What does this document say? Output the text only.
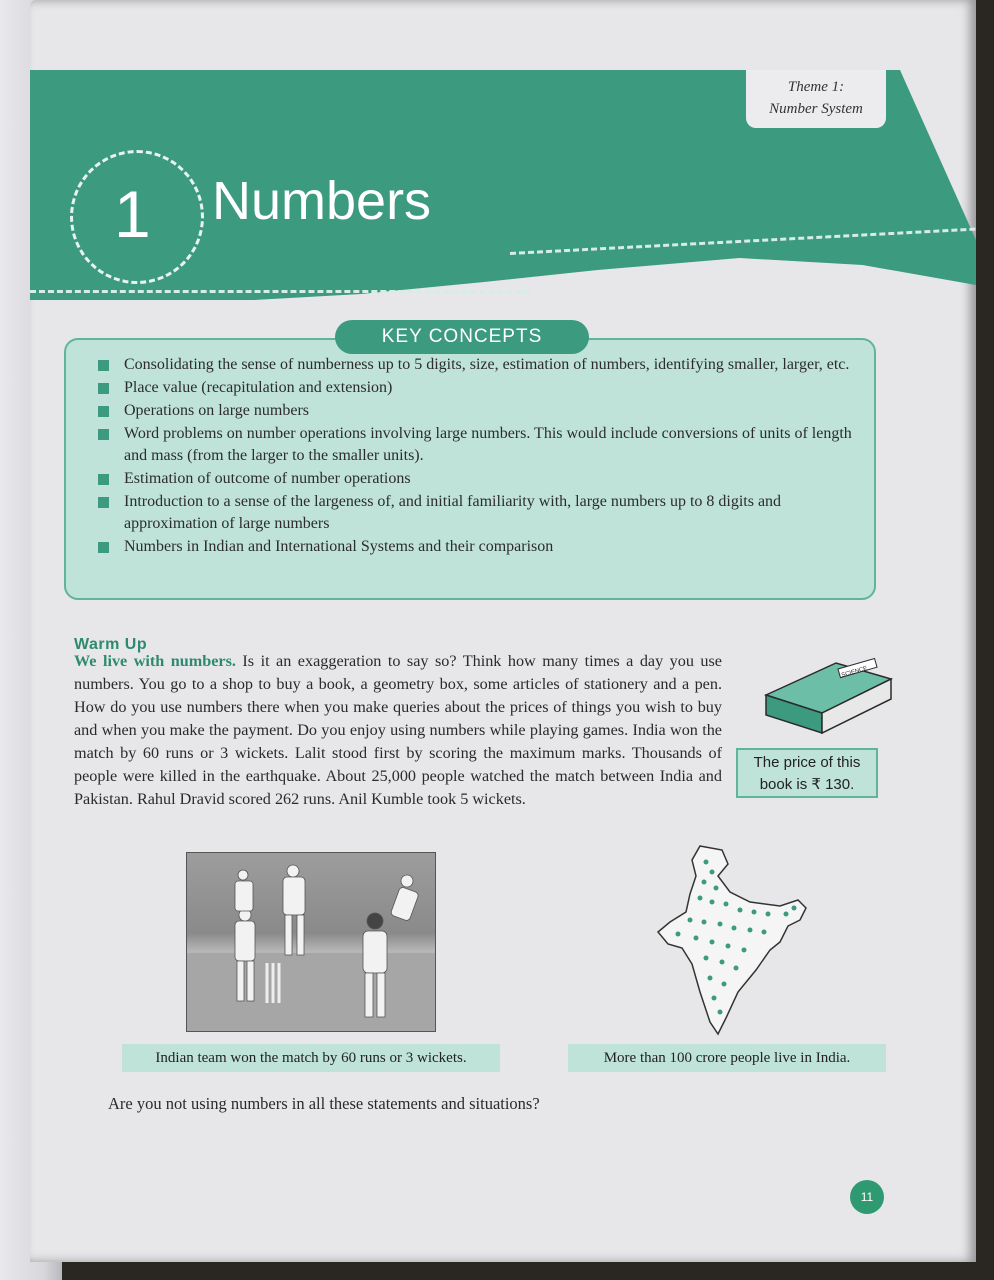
Theme 1:
Number System
1 Numbers
Consolidating the sense of numberness up to 5 digits, size, estimation of numbers, identifying smaller, larger, etc.
Place value (recapitulation and extension)
Operations on large numbers
Word problems on number operations involving large numbers. This would include conversions of units of length and mass (from the larger to the smaller units).
Estimation of outcome of number operations
Introduction to a sense of the largeness of, and initial familiarity with, large numbers up to 8 digits and approximation of large numbers
Numbers in Indian and International Systems and their comparison
KEY CONCEPTS
Warm Up
We live with numbers. Is it an exaggeration to say so? Think how many times a day you use numbers. You go to a shop to buy a book, a geometry box, some articles of stationery and a pen. How do you use numbers there when you make queries about the prices of things you wish to buy and when you make the payment. Do you enjoy using numbers while playing games. India won the match by 60 runs or 3 wickets. Lalit stood first by scoring the maximum marks. Thousands of people were killed in the earthquake. About 25,000 people watched the match between India and Pakistan. Rahul Dravid scored 262 runs. Anil Kumble took 5 wickets.
SCIENCE
The price of this
book is ₹ 130.
Indian team won the match by 60 runs or 3 wickets.	More than 100 crore people live in India.
Are you not using numbers in all these statements and situations?
11
